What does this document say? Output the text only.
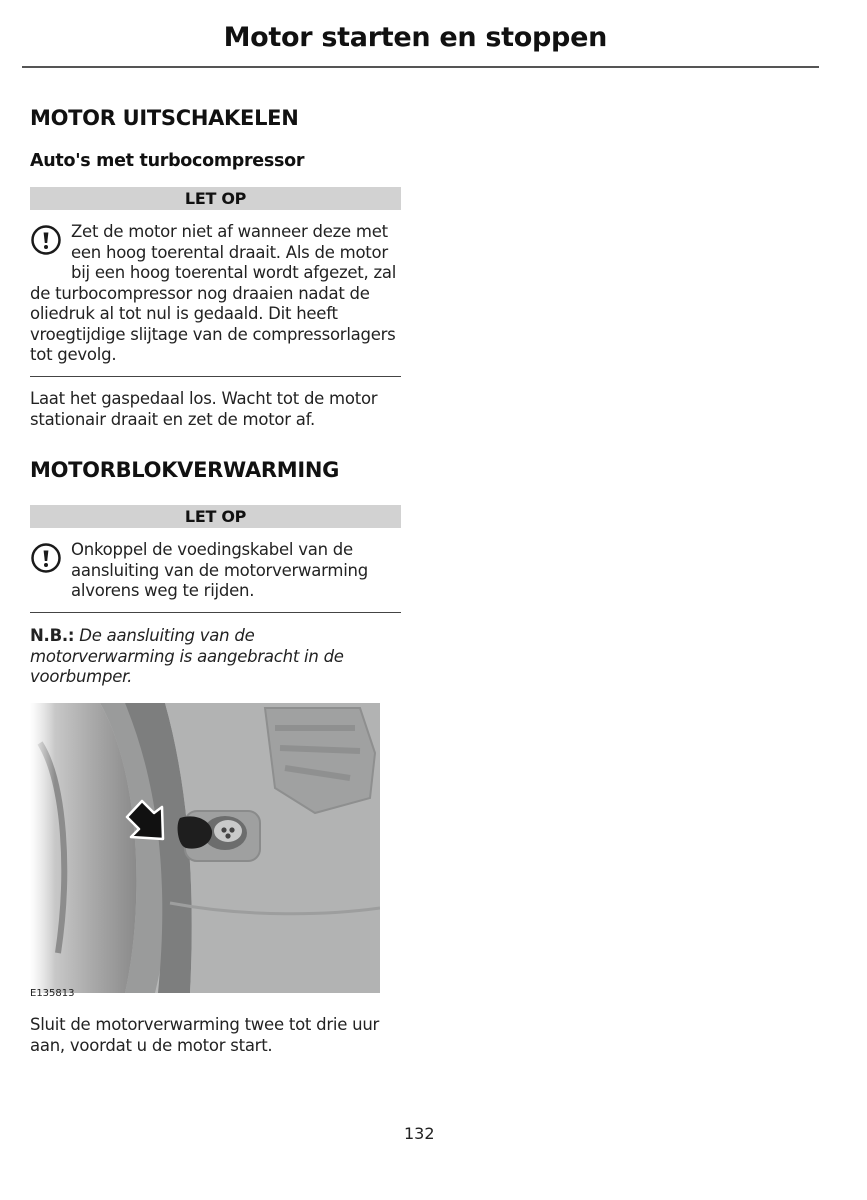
Motor starten en stoppen
MOTOR UITSCHAKELEN
Auto's met turbocompressor
LET OP
Zet de motor niet af wanneer deze met een hoog toerental draait. Als de motor bij een hoog toerental wordt afgezet, zal de turbocompressor nog draaien nadat de oliedruk al tot nul is gedaald. Dit heeft vroegtijdige slijtage van de compressorlagers tot gevolg.

Laat het gaspedaal los. Wacht tot de motor stationair draait en zet de motor af.

MOTORBLOKVERWARMING
LET OP
Onkoppel de voedingskabel van de aansluiting van de motorverwarming alvorens weg te rijden.

N.B.: De aansluiting van de motorverwarming is aangebracht in de voorbumper.

E135813

Sluit de motorverwarming twee tot drie uur aan, voordat u de motor start.

132
